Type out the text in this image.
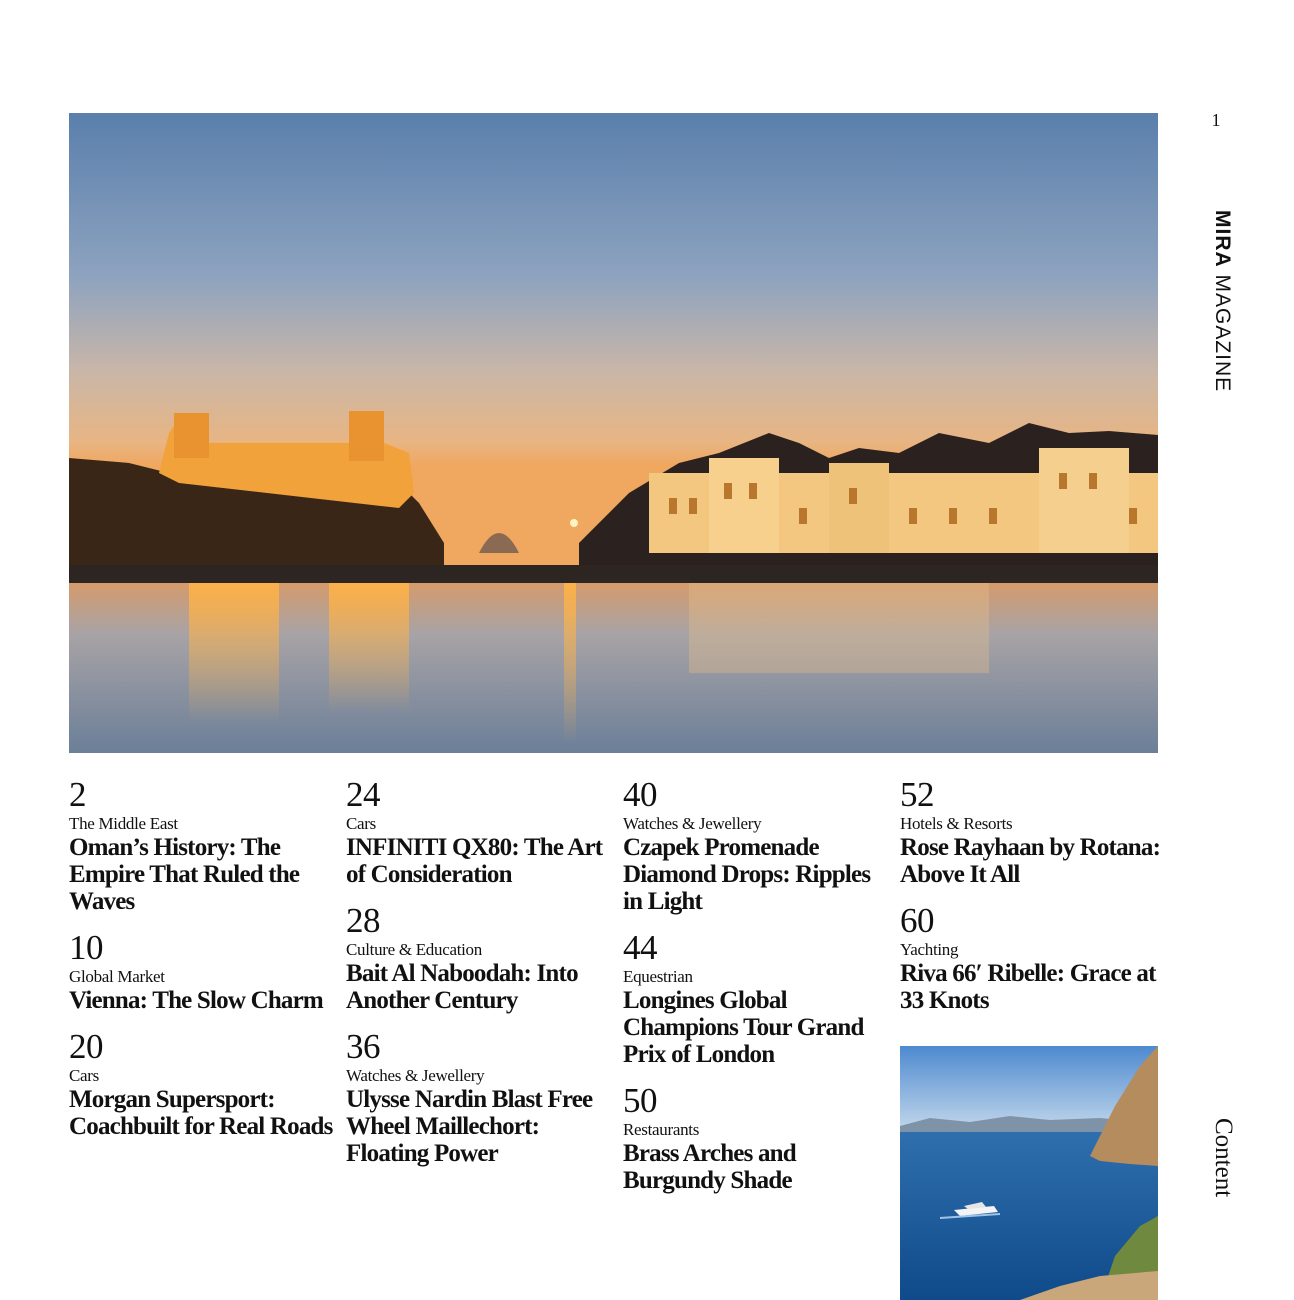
1
MIRA MAGAZINE
Content
2
The Middle East
Oman’s History: The Empire That Ruled the Waves
10
Global Market
Vienna: The Slow Charm
20
Cars
Morgan Supersport: Coachbuilt for Real Roads
24
Cars
INFINITI QX80: The Art of Consideration
28
Culture & Education
Bait Al Naboodah: Into Another Century
36
Watches & Jewellery
Ulysse Nardin Blast Free Wheel Maillechort: Floating Power
40
Watches & Jewellery
Czapek Promenade Diamond Drops: Ripples in Light
44
Equestrian
Longines Global Champions Tour Grand Prix of London
50
Restaurants
Brass Arches and Burgundy Shade
52
Hotels & Resorts
Rose Rayhaan by Rotana: Above It All
60
Yachting
Riva 66′ Ribelle: Grace at 33 Knots
